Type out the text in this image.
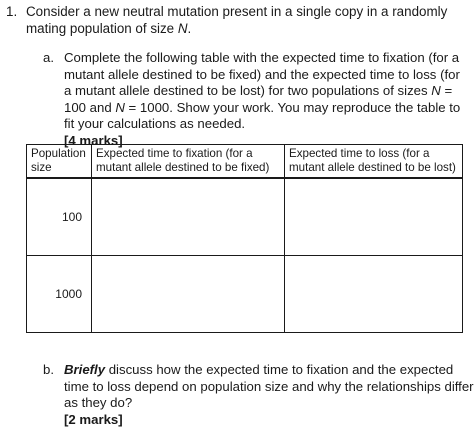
1. Consider a new neutral mutation present in a single copy in a randomly mating population of size N.
a. Complete the following table with the expected time to fixation (for a mutant allele destined to be fixed) and the expected time to loss (for a mutant allele destined to be lost) for two populations of sizes N = 100 and N = 1000. Show your work. You may reproduce the table to fit your calculations as needed.
[4 marks]
Population size	Expected time to fixation (for a mutant allele destined to be fixed)	Expected time to loss (for a mutant allele destined to be lost)
100		
1000		
b. Briefly discuss how the expected time to fixation and the expected time to loss depend on population size and why the relationships differ as they do?
[2 marks]
